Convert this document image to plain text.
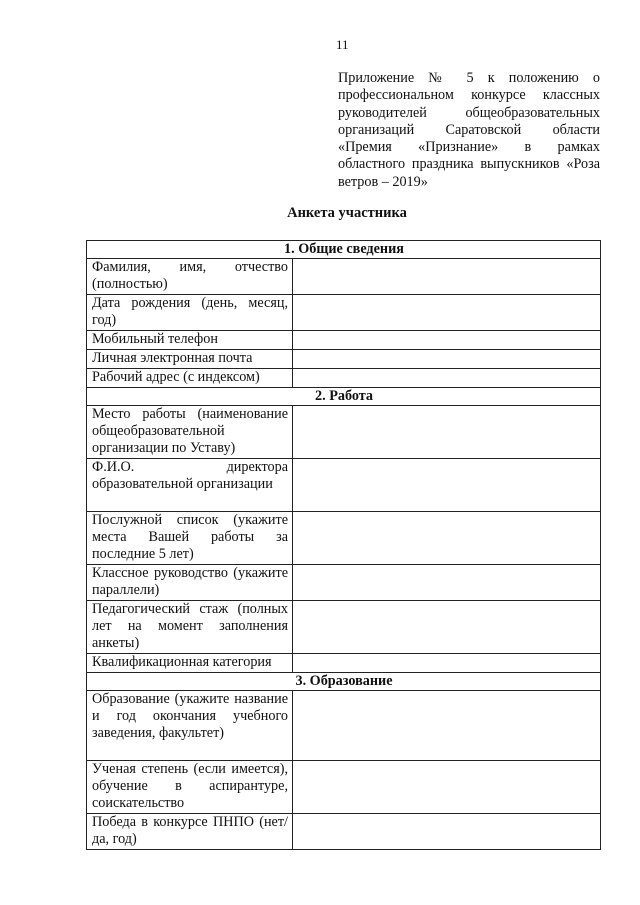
11
Приложение № 5 к положению о профессиональном конкурсе классных руководителей общеобразовательных организаций Саратовской области «Премия «Признание» в рамках областного праздника выпускников «Роза ветров – 2019»
Анкета участника
1. Общие сведения	
Фамилия, имя, отчество (полностью)	
Дата рождения (день, месяц, год)	
Мобильный телефон	
Личная электронная почта	
Рабочий адрес (с индексом)	
2. Работа	
Место работы (наименование общеобразовательной организации по Уставу)	
Ф.И.О. директора образовательной организации	
Послужной список (укажите места Вашей работы за последние 5 лет)	
Классное руководство (укажите параллели)	
Педагогический стаж (полных лет на момент заполнения анкеты)	
Квалификационная категория	
3. Образование	
Образование (укажите название и год окончания учебного заведения, факультет)	
Ученая степень (если имеется), обучение в аспирантуре, соискательство	
Победа в конкурсе ПНПО (нет/да, год)	
